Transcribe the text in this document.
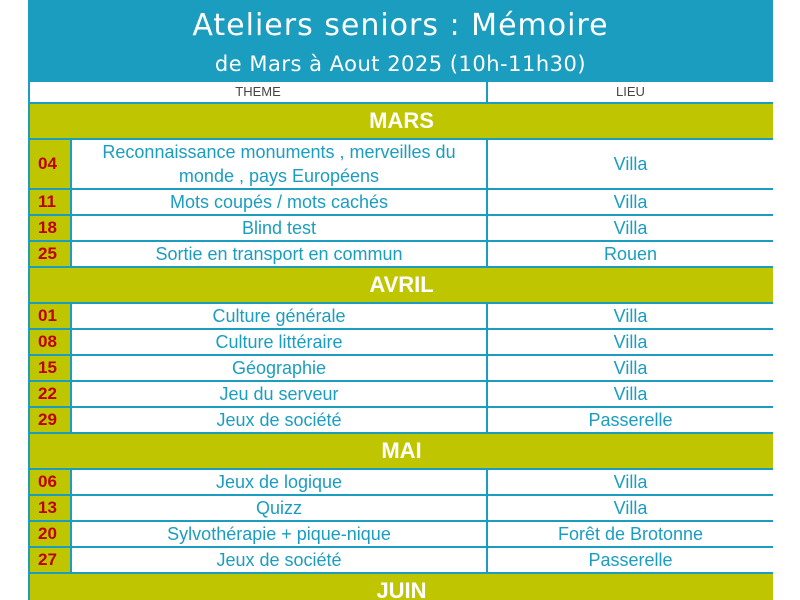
Ateliers seniors : Mémoire
de Mars à Aout 2025 (10h-11h30)
THEME		LIEU
MARS		
04	Reconnaissance monuments , merveilles du monde , pays Européens	Villa
11	Mots coupés / mots cachés	Villa
18	Blind test	Villa
25	Sortie en transport en commun	Rouen
AVRIL		
01	Culture générale	Villa
08	Culture littéraire	Villa
15	Géographie	Villa
22	Jeu du serveur	Villa
29	Jeux de société	Passerelle
MAI		
06	Jeux de logique	Villa
13	Quizz	Villa
20	Sylvothérapie + pique-nique	Forêt de Brotonne
27	Jeux de société	Passerelle
JUIN		
